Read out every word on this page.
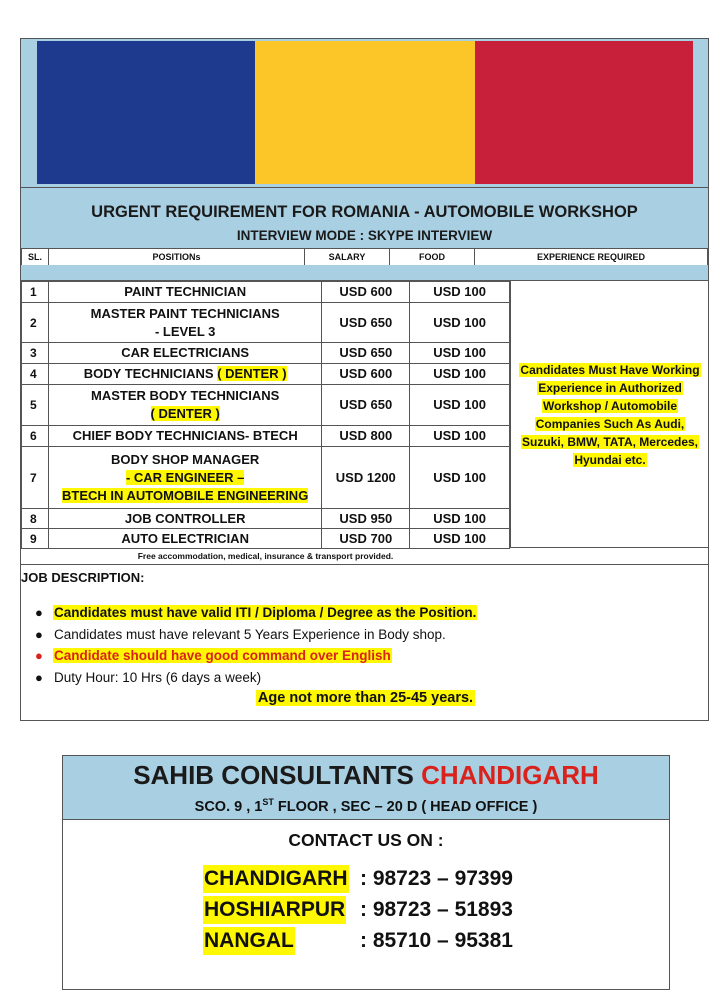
URGENT REQUIREMENT FOR ROMANIA - AUTOMOBILE WORKSHOP
INTERVIEW MODE : SKYPE INTERVIEW
SL.	POSITIONs	SALARY	FOOD	EXPERIENCE REQUIRED
1	PAINT TECHNICIAN	USD 600	USD 100
2	MASTER PAINT TECHNICIANS
- LEVEL 3	USD 650	USD 100
3	CAR ELECTRICIANS	USD 650	USD 100
4	BODY TECHNICIANS ( DENTER )	USD 600	USD 100
5	MASTER BODY TECHNICIANS
( DENTER )	USD 650	USD 100
6	CHIEF BODY TECHNICIANS- BTECH	USD 800	USD 100
7	BODY SHOP MANAGER
- CAR ENGINEER –
BTECH IN AUTOMOBILE ENGINEERING	USD 1200	USD 100
8	JOB CONTROLLER	USD 950	USD 100
9	AUTO ELECTRICIAN	USD 700	USD 100
Candidates Must Have Working Experience in Authorized Workshop / Automobile Companies Such As Audi, Suzuki, BMW, TATA, Mercedes, Hyundai etc.
Free accommodation, medical, insurance & transport provided.
JOB DESCRIPTION:
● Candidates must have valid ITI / Diploma / Degree as the Position.
● Candidates must have relevant 5 Years Experience in Body shop.
● Candidate should have good command over English
● Duty Hour: 10 Hrs (6 days a week)
Age not more than 25-45 years.
SAHIB CONSULTANTS CHANDIGARH
SCO. 9 , 1ST FLOOR , SEC – 20 D ( HEAD OFFICE )
CONTACT US ON :
CHANDIGARH : 98723 – 97399
HOSHIARPUR : 98723 – 51893
NANGAL	: 85710 – 95381
